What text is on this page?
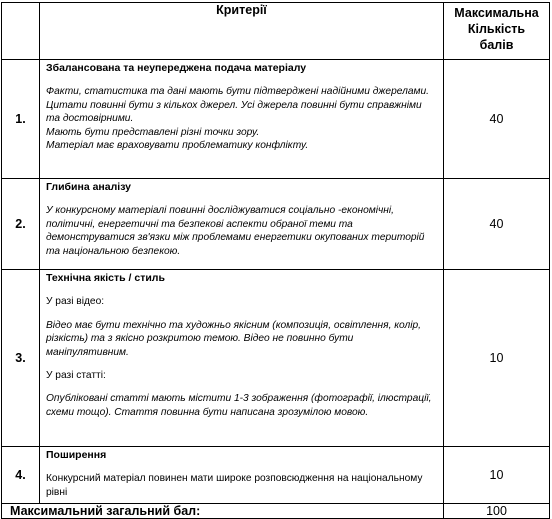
	Критерії	Максимальна
Кількість
балів

1.	Збалансована та неупереджена подача матеріалу

Факти, статистика та дані мають бути підтверджені надійними джерелами.

Цитати повинні бути з кількох джерел. Усі джерела повинні бути справжніми та достовірними.

Мають бути представлені різні точки зору.

Матеріал має враховувати проблематику конфлікту.	40
2.	Глибина аналізу

У конкурсному матеріалі повинні досліджуватися соціально -економічні, політичні, енергетичні та безпекові аспекти обраної теми та демонструватися зв'язки між проблемами енергетики окупованих територій та національною безпекою.	40
3.	Технічна якість / стиль

У разі відео:

Відео має бути технічно та художньо якісним (композиція, освітлення, колір, різкість) та з якісно розкритою темою. Відео не повинно бути маніпулятивним.

У разі статті:

Опубліковані статті мають містити 1-3 зображення (фотографії, ілюстрації, схеми тощо). Стаття повинна бути написана зрозумілою мовою.	10
4.	Поширення

Конкурсний матеріал повинен мати широке розповсюдження на національному рівні	10
Максимальний загальний бал:		100
